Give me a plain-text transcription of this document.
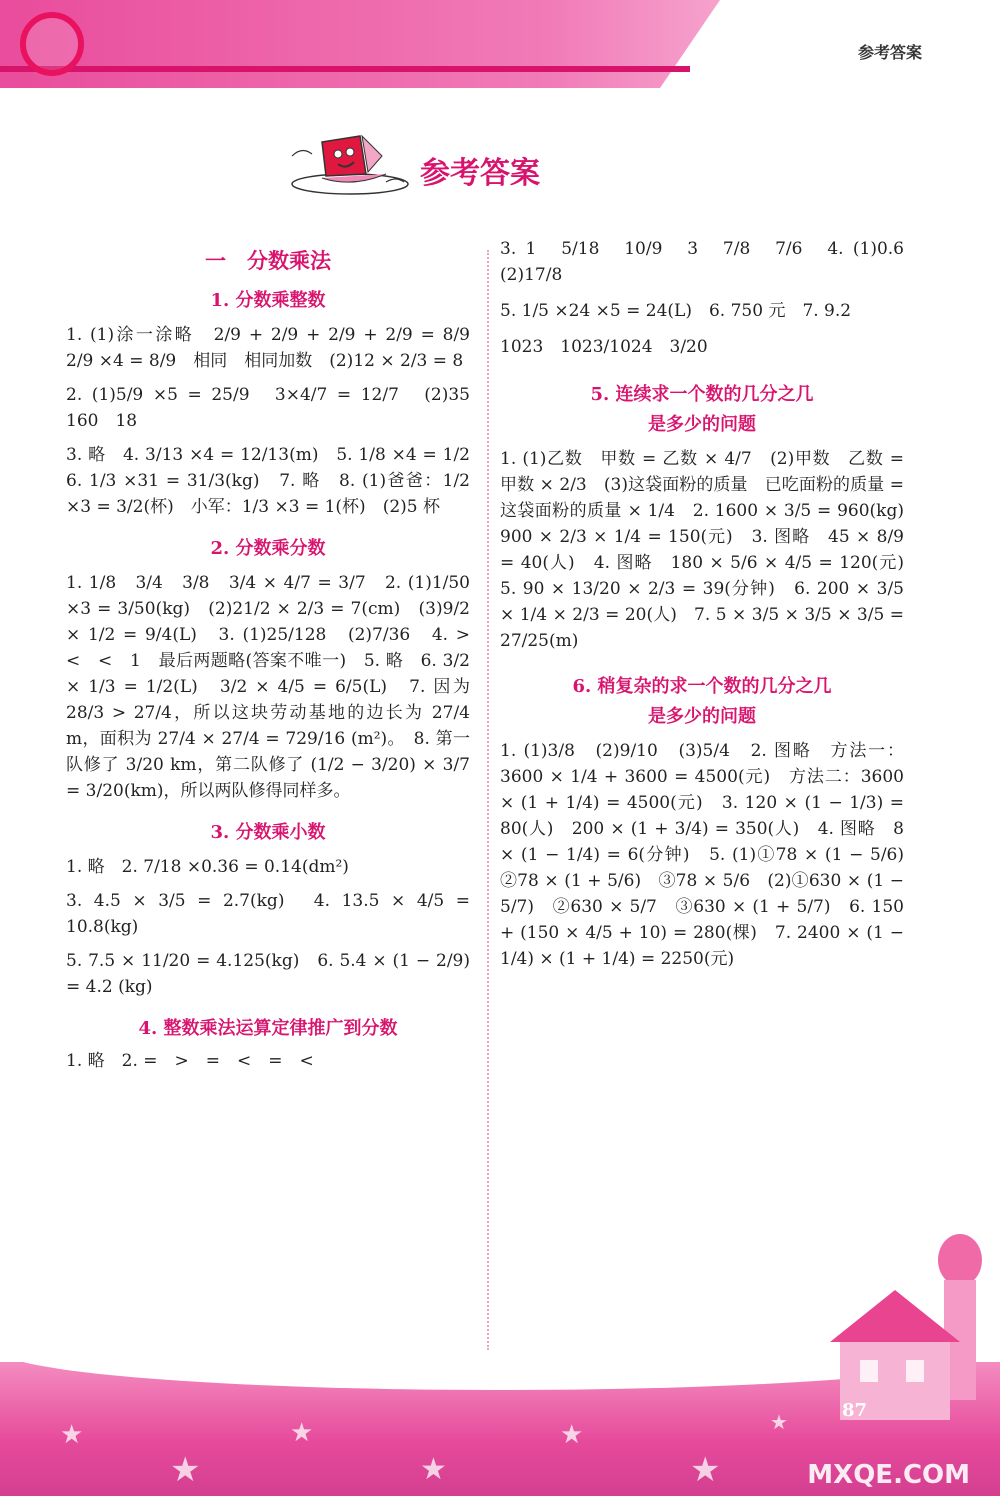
参考答案
参考答案

一　分数乘法

1. 分数乘整数

1. (1)涂一涂略　2/9 + 2/9 + 2/9 + 2/9 = 8/9　2/9 ×4 = 8/9　相同　相同加数　(2)12 × 2/3 = 8

2. (1)5/9 ×5 = 25/9　3×4/7 = 12/7　(2)35　160　18

3. 略　4. 3/13 ×4 = 12/13(m)　5. 1/8 ×4 = 1/2　6. 1/3 ×31 = 31/3(kg)　7. 略　8. (1)爸爸：1/2 ×3 = 3/2(杯)　小军：1/3 ×3 = 1(杯)　(2)5 杯

2. 分数乘分数

1. 1/8　3/4　3/8　3/4 × 4/7 = 3/7　2. (1)1/50 ×3 = 3/50(kg)　(2)21/2 × 2/3 = 7(cm)　(3)9/2 × 1/2 = 9/4(L)　3. (1)25/128　(2)7/36　4. >　<　<　1　最后两题略(答案不唯一)　5. 略　6. 3/2 × 1/3 = 1/2(L)　3/2 × 4/5 = 6/5(L)　7. 因为 28/3 > 27/4，所以这块劳动基地的边长为 27/4 m，面积为 27/4 × 27/4 = 729/16 (m²)。　8. 第一队修了 3/20 km，第二队修了 (1/2 − 3/20) × 3/7 = 3/20(km)，所以两队修得同样多。

3. 分数乘小数

1. 略　2. 7/18 ×0.36 = 0.14(dm²)

3. 4.5 × 3/5 = 2.7(kg)　4. 13.5 × 4/5 = 10.8(kg)

5. 7.5 × 11/20 = 4.125(kg)　6. 5.4 × (1 − 2/9) = 4.2 (kg)

4. 整数乘法运算定律推广到分数

1. 略　2. =　>　=　<　=　<

3. 1　5/18　10/9　3　7/8　7/6　4. (1)0.6　(2)17/8

5. 1/5 ×24 ×5 = 24(L)　6. 750 元　7. 9.2

1023　1023/1024　3/20

5. 连续求一个数的几分之几

是多少的问题

1. (1)乙数　甲数 = 乙数 × 4/7　(2)甲数　乙数 = 甲数 × 2/3　(3)这袋面粉的质量　已吃面粉的质量 = 这袋面粉的质量 × 1/4　2. 1600 × 3/5 = 960(kg)　900 × 2/3 × 1/4 = 150(元)　3. 图略　45 × 8/9 = 40(人)　4. 图略　180 × 5/6 × 4/5 = 120(元)　5. 90 × 13/20 × 2/3 = 39(分钟)　6. 200 × 3/5 × 1/4 × 2/3 = 20(人)　7. 5 × 3/5 × 3/5 × 3/5 = 27/25(m)

6. 稍复杂的求一个数的几分之几

是多少的问题

1. (1)3/8　(2)9/10　(3)5/4　2. 图略　方法一：3600 × 1/4 + 3600 = 4500(元)　方法二：3600 × (1 + 1/4) = 4500(元)　3. 120 × (1 − 1/3) = 80(人)　200 × (1 + 3/4) = 350(人)　4. 图略　8 × (1 − 1/4) = 6(分钟)　5. (1)①78 × (1 − 5/6)　②78 × (1 + 5/6)　③78 × 5/6　(2)①630 × (1 − 5/7)　②630 × 5/7　③630 × (1 + 5/7)　6. 150 + (150 × 4/5 + 10) = 280(棵)　7. 2400 × (1 − 1/4) × (1 + 1/4) = 2250(元)

★
★
★
★
★
★
★	87
MXQE.COM
